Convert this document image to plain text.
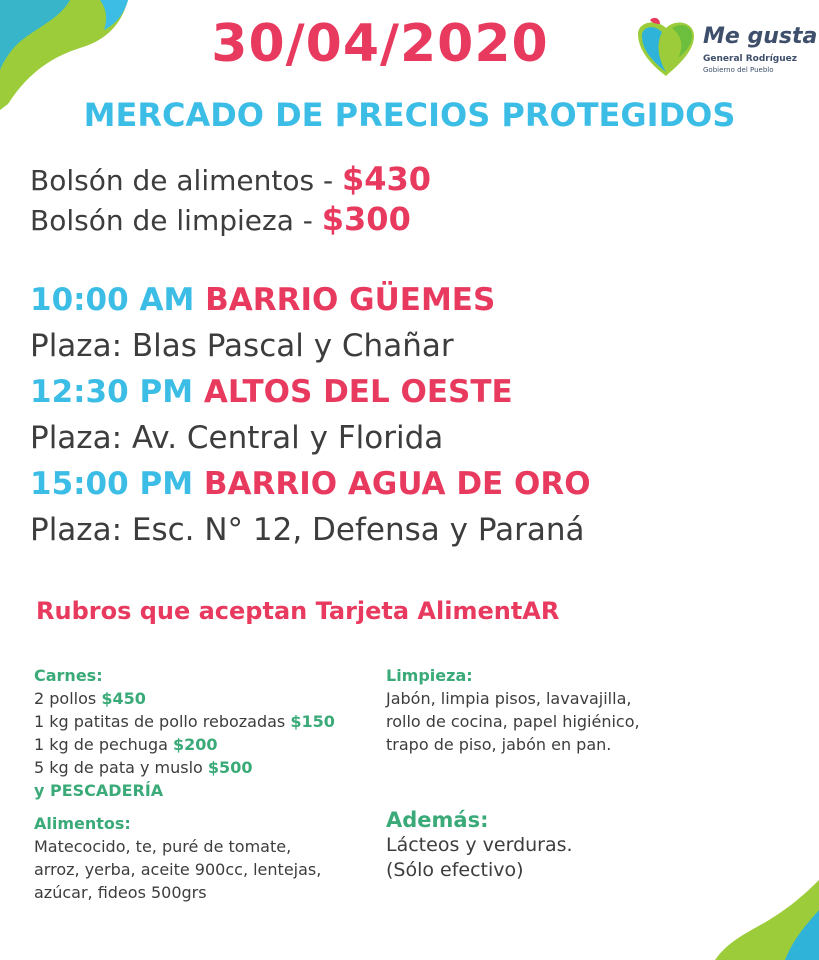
30/04/2020	Me gusta
General Rodríguez
Gobierno del Pueblo
MERCADO DE PRECIOS PROTEGIDOS
Bolsón de alimentos - $430
Bolsón de limpieza - $300
10:00 AM BARRIO GÜEMES
Plaza: Blas Pascal y Chañar
12:30 PM ALTOS DEL OESTE
Plaza: Av. Central y Florida
15:00 PM BARRIO AGUA DE ORO
Plaza: Esc. N° 12, Defensa y Paraná
Rubros que aceptan Tarjeta AlimentAR
Carnes:
2 pollos $450
1 kg patitas de pollo rebozadas $150
1 kg de pechuga $200
5 kg de pata y muslo $500
y PESCADERÍA
Alimentos:
Matecocido, te, puré de tomate,
arroz, yerba, aceite 900cc, lentejas,
azúcar, fideos 500grs
Limpieza:
Jabón, limpia pisos, lavavajilla,
rollo de cocina, papel higiénico,
trapo de piso, jabón en pan.
Además:
Lácteos y verduras.
(Sólo efectivo)
